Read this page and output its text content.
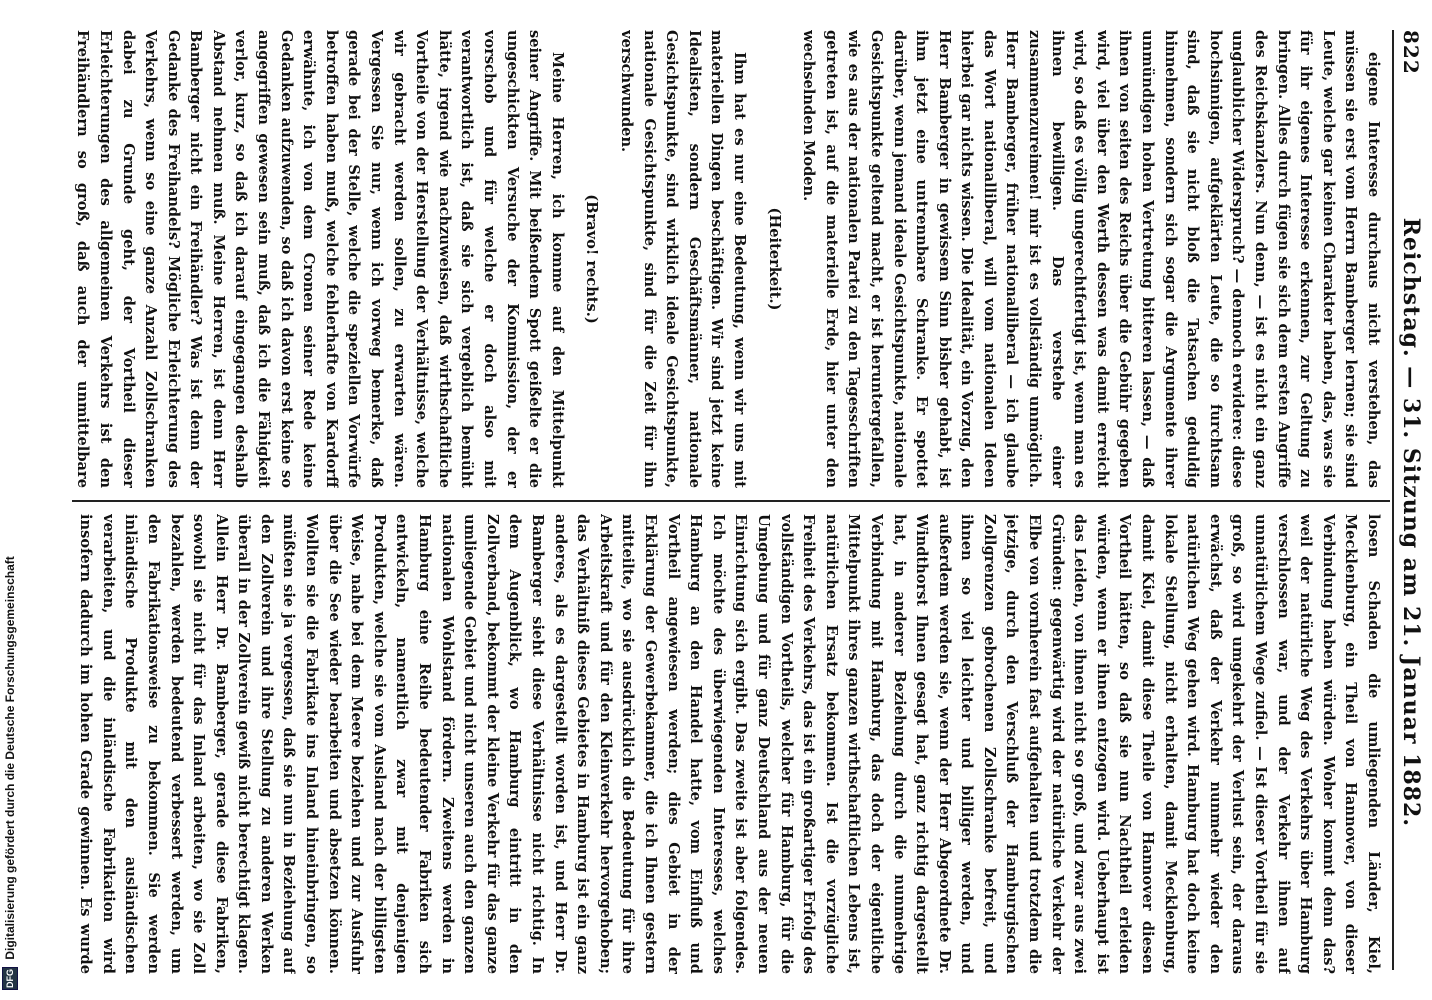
822
Reichstag. — 31. Sitzung am 21. Januar 1882.

eigene Interesse durchaus nicht verstehen, das müssen sie erst vom Herrn Bamberger lernen; sie sind Leute, welche gar keinen Charakter haben, das, was sie für ihr eigenes Interesse erkennen, zur Geltung zu bringen. Alles durch fügen sie sich dem ersten Angriffe des Reichskanzlers. Nun denn, — ist es nicht ein ganz unglaublicher Widerspruch? — dennoch erwidere: diese hochsinnigen, aufgeklärten Leute, die so furchtsam sind, daß sie nicht bloß die Tatsachen geduldig hinnehmen, sondern sich sogar die Argumente ihrer unmündigen hohen Vertretung bitteren lassen, — daß ihnen von seiten des Reichs über die Gebühr gegeben wird, viel über den Werth dessen was damit erreicht wird, so daß es völlig ungerechtfertigt ist, wenn man es ihnen bewilligen. Das verstehe einer zusammenzureimen! mir ist es vollständig unmöglich. Herr Bamberger, früher nationalliberal — ich glaube das Wort nationalliberal, will vom nationalen Ideen hierbei gar nichts wissen. Die Idealität, ein Vorzug, den Herr Bamberger in gewissem Sinn bisher gehabt, ist ihm jetzt eine untrennbare Schranke. Er spottet darüber, wenn jemand ideale Gesichtspunkte, nationale Gesichtspunkte geltend macht, er ist heruntergefallen, wie es aus der nationalen Partei zu den Tagesschriften getreten ist, auf die materielle Erde, hier unter den wechselnden Moden.

(Heiterkeit.)

Ihm hat es nur eine Bedeutung, wenn wir uns mit materiellen Dingen beschäftigen. Wir sind jetzt keine Idealisten, sondern Geschäftsmänner, nationale Gesichtspunkte, sind wirklich ideale Gesichtspunkte, nationale Gesichtspunkte, sind für die Zeit für ihn verschwunden.

(Bravo! rechts.)

Meine Herren, ich komme auf den Mittelpunkt seiner Angriffe. Mit beißendem Spott geißelte er die ungeschickten Versuche der Kommission, der er vorschob und für welche er doch also mit verantwortlich ist, daß sie sich vergeblich bemüht hätte, irgend wie nachzuweisen, daß wirthschaftliche Vortheile von der Herstellung der Verhältnisse, welche wir gebracht werden sollen, zu erwarten wären. Vergessen Sie nur, wenn ich vorweg bemerke, daß gerade bei der Stelle, welche die speziellen Vorwürfe betroffen haben muß, welche fehlerhafte von Kardorff erwähnte, ich von dem Cronen seiner Rede keine Gedanken aufzuwenden, so daß ich davon erst keine so angegriffen gewesen sein muß, daß ich die Fähigkeit verlor, kurz, so daß ich darauf eingegangen deshalb Abstand nehmen muß. Meine Herren, ist denn Herr Bamberger nicht ein Freihändler? Was ist denn der Gedanke des Freihandels? Mögliche Erleichterung des Verkehrs, wenn so eine ganze Anzahl Zollschranken dabei zu Grunde geht, der Vortheil dieser Erleichterungen des allgemeinen Verkehrs ist den Freihändlern so groß, daß auch der unmittelbare

losen Schaden die umliegenden Länder, Kiel, Mecklenburg, ein Theil von Hannover, von dieser Verbindung haben würden. Woher kommt denn das? weil der natürliche Weg des Verkehrs über Hamburg verschlossen war, und der Verkehr ihnen auf unnatürlichem Wege zufiel. — Ist dieser Vortheil für sie groß, so wird umgekehrt der Verlust sein, der daraus erwächst, daß der Verkehr nunmehr wieder den natürlichen Weg gehen wird. Hamburg hat doch keine lokale Stellung, nicht erhalten, damit Mecklenburg, damit Kiel, damit diese Theile von Hannover diesen Vortheil hätten, so daß sie nun Nachtheil erleiden würden, wenn er ihnen entzogen wird. Ueberhaupt ist das Leiden, von ihnen nicht so groß, und zwar aus zwei Gründen: gegenwärtig wird der natürliche Verkehr der Elbe von vornherein fast aufgehalten und trotzdem die jetzige, durch den Verschluß der Hamburgischen Zollgrenzen gebrochenen Zollschranke befreit, und ihnen so viel leichter und billiger werden, und außerdem werden sie, wenn der Herr Abgeordnete Dr. Windthorst Ihnen gesagt hat, ganz richtig dargestellt hat, in anderer Beziehung durch die nunmehrige Verbindung mit Hamburg, das doch der eigentliche Mittelpunkt ihres ganzen wirthschaftlichen Lebens ist, natürlichen Ersatz bekommen. Ist die vorzügliche Freiheit des Verkehrs, das ist ein großartiger Erfolg des vollständigen Vortheils, welcher für Hamburg, für die Umgebung und für ganz Deutschland aus der neuen Einrichtung sich ergibt. Das zweite ist aber folgendes. Ich möchte des überwiegenden Interesses, welches Hamburg an den Handel hatte, vom Einfluß und Vortheil angewiesen werden; dies Gebiet in der Erklärung der Gewerbekammer, die ich Ihnen gestern mitteilte, wo sie ausdrücklich die Bedeutung für ihre Arbeitskraft und für den Kleinverkehr hervorgehoben; das Verhältniß dieses Gebietes in Hamburg ist ein ganz anderes, als es dargestellt worden ist, und Herr Dr. Bamberger sieht diese Verhältnisse nicht richtig. In dem Augenblick, wo Hamburg eintritt in den Zollverband, bekommt der kleine Verkehr für das ganze umliegende Gebiet und nicht unseren auch den ganzen nationalen Wohlstand fördern. Zweitens werden in Hamburg eine Reihe bedeutender Fabriken sich entwickeln, namentlich zwar mit denjenigen Produkten, welche sie vom Ausland nach der billigsten Weise, nahe bei dem Meere beziehen und zur Ausfuhr über die See wieder bearbeiten und absetzen können. Wollten sie die Fabrikate ins Inland hineinbringen, so müßten sie ja vergessen, daß sie nun in Beziehung auf den Zollverein und ihre Stellung zu anderen Werken überall in der Zollverein gewiß nicht berechtigt klagen. Allein Herr Dr. Bamberger, gerade diese Fabriken, sowohl sie nicht für das Inland arbeiten, wo sie Zoll bezahlen, werden bedeutend verbessert werden, um den Fabrikationsweise zu bekommen. Sie werden inländische Produkte mit den ausländischen verarbeiten, und die inländische Fabrikation wird insofern dadurch im hohen Grade gewinnen. Es wurde

DFG Digitalisierung gefördert durch die Deutsche Forschungsgemeinschaft
